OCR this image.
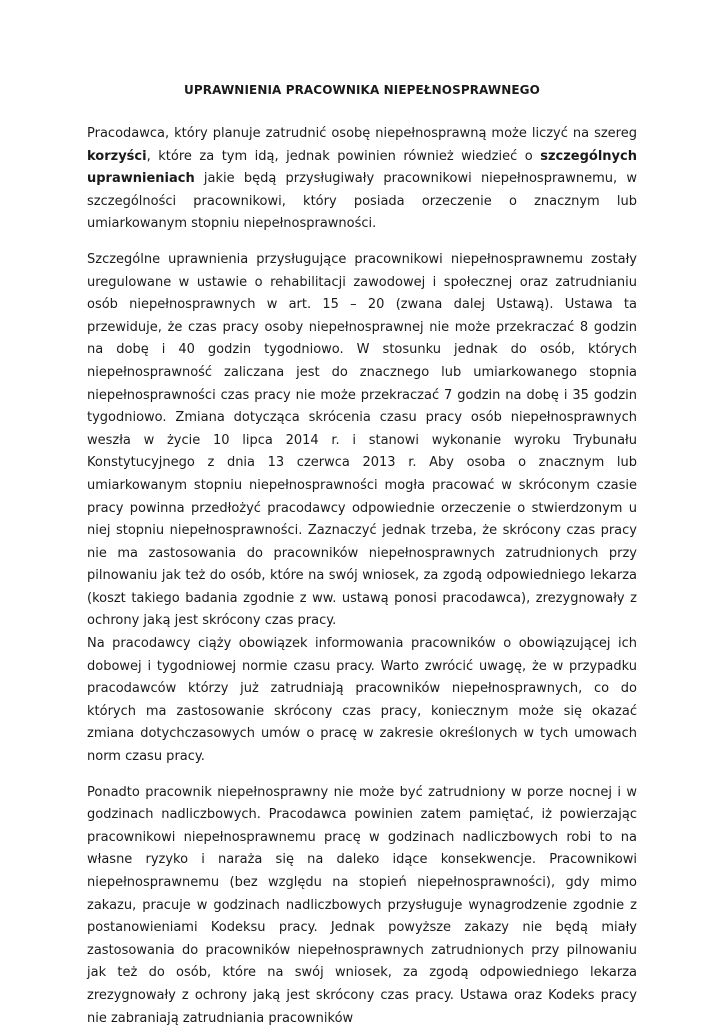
UPRAWNIENIA PRACOWNIKA NIEPEŁNOSPRAWNEGO

Pracodawca, który planuje zatrudnić osobę niepełnosprawną może liczyć na szereg korzyści, które za tym idą, jednak powinien również wiedzieć o szczególnych uprawnieniach jakie będą przysługiwały pracownikowi niepełnosprawnemu, w szczególności pracownikowi, który posiada orzeczenie o znacznym lub umiarkowanym stopniu niepełnosprawności.

Szczególne uprawnienia przysługujące pracownikowi niepełnosprawnemu zostały uregulowane w ustawie o rehabilitacji zawodowej i społecznej oraz zatrudnianiu osób niepełnosprawnych w art. 15 – 20 (zwana dalej Ustawą). Ustawa ta przewiduje, że czas pracy osoby niepełnosprawnej nie może przekraczać 8 godzin na dobę i 40 godzin tygodniowo. W stosunku jednak do osób, których niepełnosprawność zaliczana jest do znacznego lub umiarkowanego stopnia niepełnosprawności czas pracy nie może przekraczać 7 godzin na dobę i 35 godzin tygodniowo. Zmiana dotycząca skrócenia czasu pracy osób niepełnosprawnych weszła w życie 10 lipca 2014 r. i stanowi wykonanie wyroku Trybunału Konstytucyjnego z dnia 13 czerwca 2013 r. Aby osoba o znacznym lub umiarkowanym stopniu niepełnosprawności mogła pracować w skróconym czasie pracy powinna przedłożyć pracodawcy odpowiednie orzeczenie o stwierdzonym u niej stopniu niepełnosprawności. Zaznaczyć jednak trzeba, że skrócony czas pracy nie ma zastosowania do pracowników niepełnosprawnych zatrudnionych przy pilnowaniu jak też do osób, które na swój wniosek, za zgodą odpowiedniego lekarza (koszt takiego badania zgodnie z ww. ustawą ponosi pracodawca), zrezygnowały z ochrony jaką jest skrócony czas pracy.

Na pracodawcy ciąży obowiązek informowania pracowników o obowiązującej ich dobowej i tygodniowej normie czasu pracy. Warto zwrócić uwagę, że w przypadku pracodawców którzy już zatrudniają pracowników niepełnosprawnych, co do których ma zastosowanie skrócony czas pracy, koniecznym może się okazać zmiana dotychczasowych umów o pracę w zakresie określonych w tych umowach norm czasu pracy.

Ponadto pracownik niepełnosprawny nie może być zatrudniony w porze nocnej i w godzinach nadliczbowych. Pracodawca powinien zatem pamiętać, iż powierzając pracownikowi niepełnosprawnemu pracę w godzinach nadliczbowych robi to na własne ryzyko i naraża się na daleko idące konsekwencje. Pracownikowi niepełnosprawnemu (bez względu na stopień niepełnosprawności), gdy mimo zakazu, pracuje w godzinach nadliczbowych przysługuje wynagrodzenie zgodnie z postanowieniami Kodeksu pracy. Jednak powyższe zakazy nie będą miały zastosowania do pracowników niepełnosprawnych zatrudnionych przy pilnowaniu jak też do osób, które na swój wniosek, za zgodą odpowiedniego lekarza zrezygnowały z ochrony jaką jest skrócony czas pracy. Ustawa oraz Kodeks pracy nie zabraniają zatrudniania pracowników
